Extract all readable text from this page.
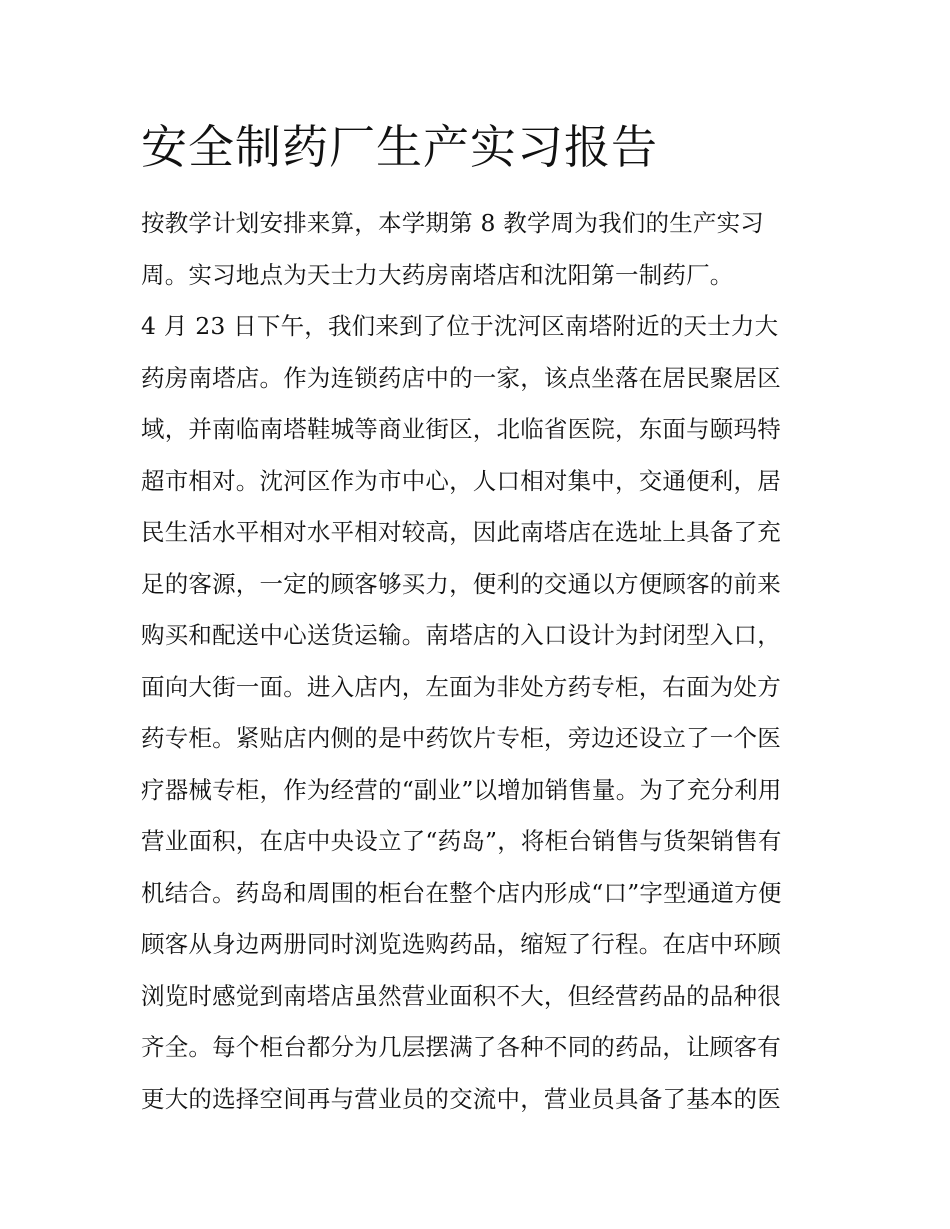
安全制药厂生产实习报告
按教学计划安排来算，本学期第 8 教学周为我们的生产实习
周。实习地点为天士力大药房南塔店和沈阳第一制药厂。
4 月 23 日下午，我们来到了位于沈河区南塔附近的天士力大
药房南塔店。作为连锁药店中的一家，该点坐落在居民聚居区
域，并南临南塔鞋城等商业街区，北临省医院，东面与颐玛特
超市相对。沈河区作为市中心，人口相对集中，交通便利，居
民生活水平相对水平相对较高，因此南塔店在选址上具备了充
足的客源，一定的顾客够买力，便利的交通以方便顾客的前来
购买和配送中心送货运输。南塔店的入口设计为封闭型入口，
面向大街一面。进入店内，左面为非处方药专柜，右面为处方
药专柜。紧贴店内侧的是中药饮片专柜，旁边还设立了一个医
疗器械专柜，作为经营的“副业”以增加销售量。为了充分利用
营业面积，在店中央设立了“药岛”，将柜台销售与货架销售有
机结合。药岛和周围的柜台在整个店内形成“口”字型通道方便
顾客从身边两册同时浏览选购药品，缩短了行程。在店中环顾
浏览时感觉到南塔店虽然营业面积不大，但经营药品的品种很
齐全。每个柜台都分为几层摆满了各种不同的药品，让顾客有
更大的选择空间再与营业员的交流中，营业员具备了基本的医
